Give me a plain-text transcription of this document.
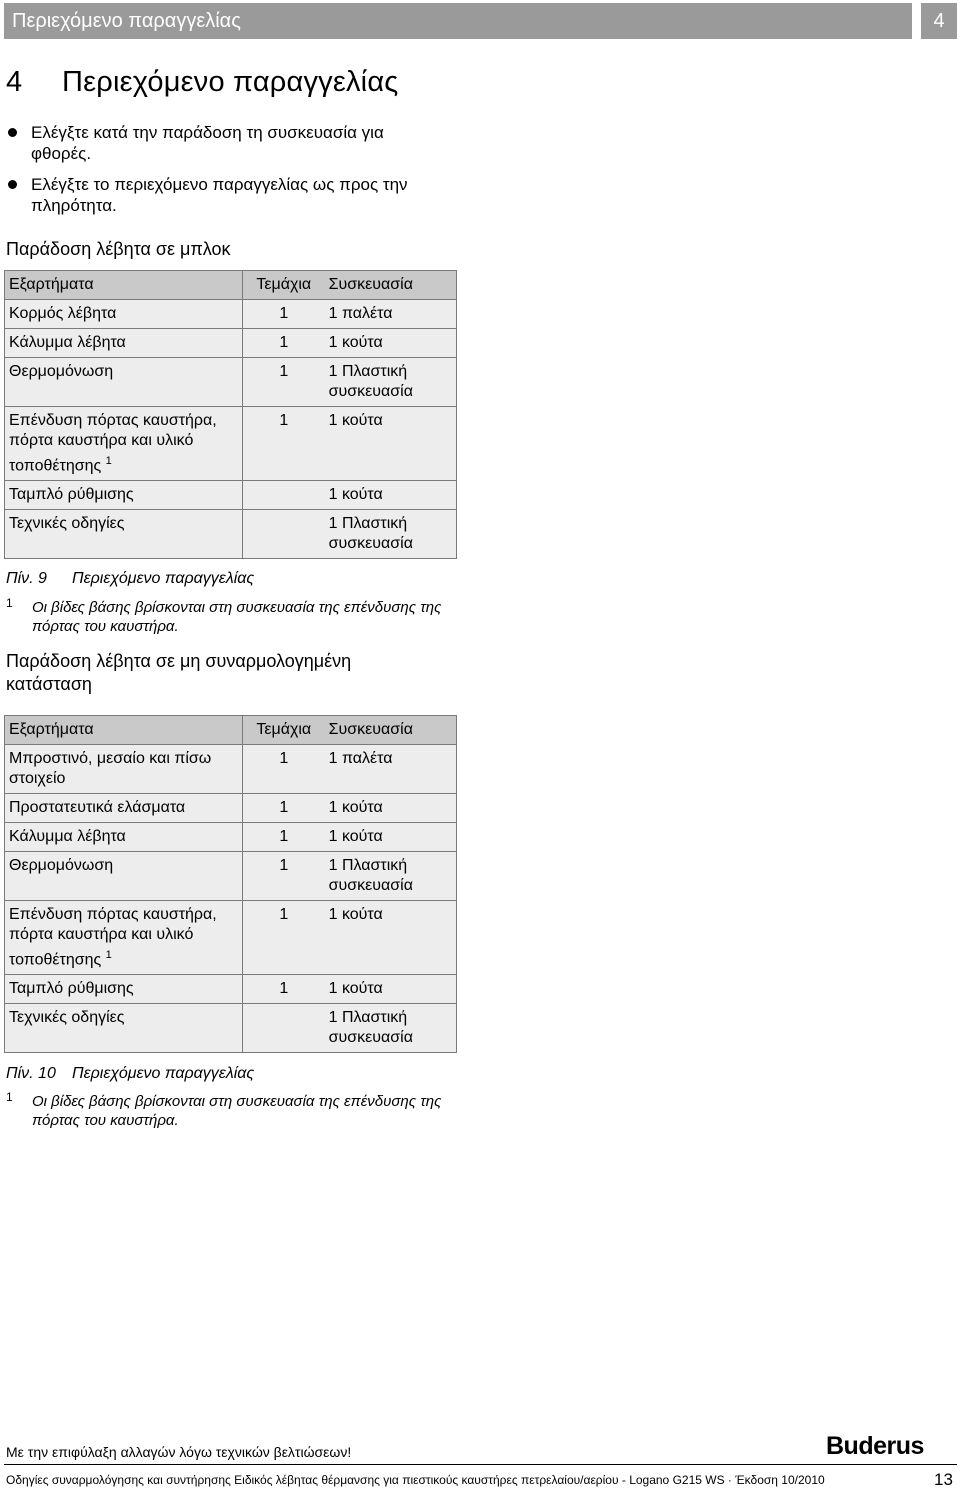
Περιεχόμενο παραγγελίας	4
4 Περιεχόμενο παραγγελίας
Ελέγξτε κατά την παράδοση τη συσκευασία για φθορές.
Ελέγξτε το περιεχόμενο παραγγελίας ως προς την πληρότητα.
Παράδοση λέβητα σε μπλοκ
Εξαρτήματα	Τεμάχια	Συσκευασία
Κορμός λέβητα	1	1 παλέτα
Κάλυμμα λέβητα	1	1 κούτα
Θερμομόνωση	1	1 Πλαστική συσκευασία
Επένδυση πόρτας καυστήρα, πόρτα καυστήρα και υλικό τοποθέτησης $^1$	1	1 κούτα
Ταμπλό ρύθμισης		1 κούτα
Τεχνικές οδηγίες		1 Πλαστική συσκευασία
Πίν. 9 Περιεχόμενο παραγγελίας
1 Οι βίδες βάσης βρίσκονται στη συσκευασία της επένδυσης της πόρτας του καυστήρα.
Παράδοση λέβητα σε μη συναρμολογημένη κατάσταση
Εξαρτήματα	Τεμάχια	Συσκευασία
Μπροστινό, μεσαίο και πίσω στοιχείο	1	1 παλέτα
Προστατευτικά ελάσματα	1	1 κούτα
Κάλυμμα λέβητα	1	1 κούτα
Θερμομόνωση	1	1 Πλαστική συσκευασία
Επένδυση πόρτας καυστήρα, πόρτα καυστήρα και υλικό τοποθέτησης $^1$	1	1 κούτα
Ταμπλό ρύθμισης	1	1 κούτα
Τεχνικές οδηγίες		1 Πλαστική συσκευασία
Πίν. 10 Περιεχόμενο παραγγελίας
1 Οι βίδες βάσης βρίσκονται στη συσκευασία της επένδυσης της πόρτας του καυστήρα.
Με την επιφύλαξη αλλαγών λόγω τεχνικών βελτιώσεων!	Buderus
Οδηγίες συναρμολόγησης και συντήρησης Ειδικός λέβητας θέρμανσης για πιεστικούς καυστήρες πετρελαίου/αερίου - Logano G215 WS · Έκδοση 10/2010	13
